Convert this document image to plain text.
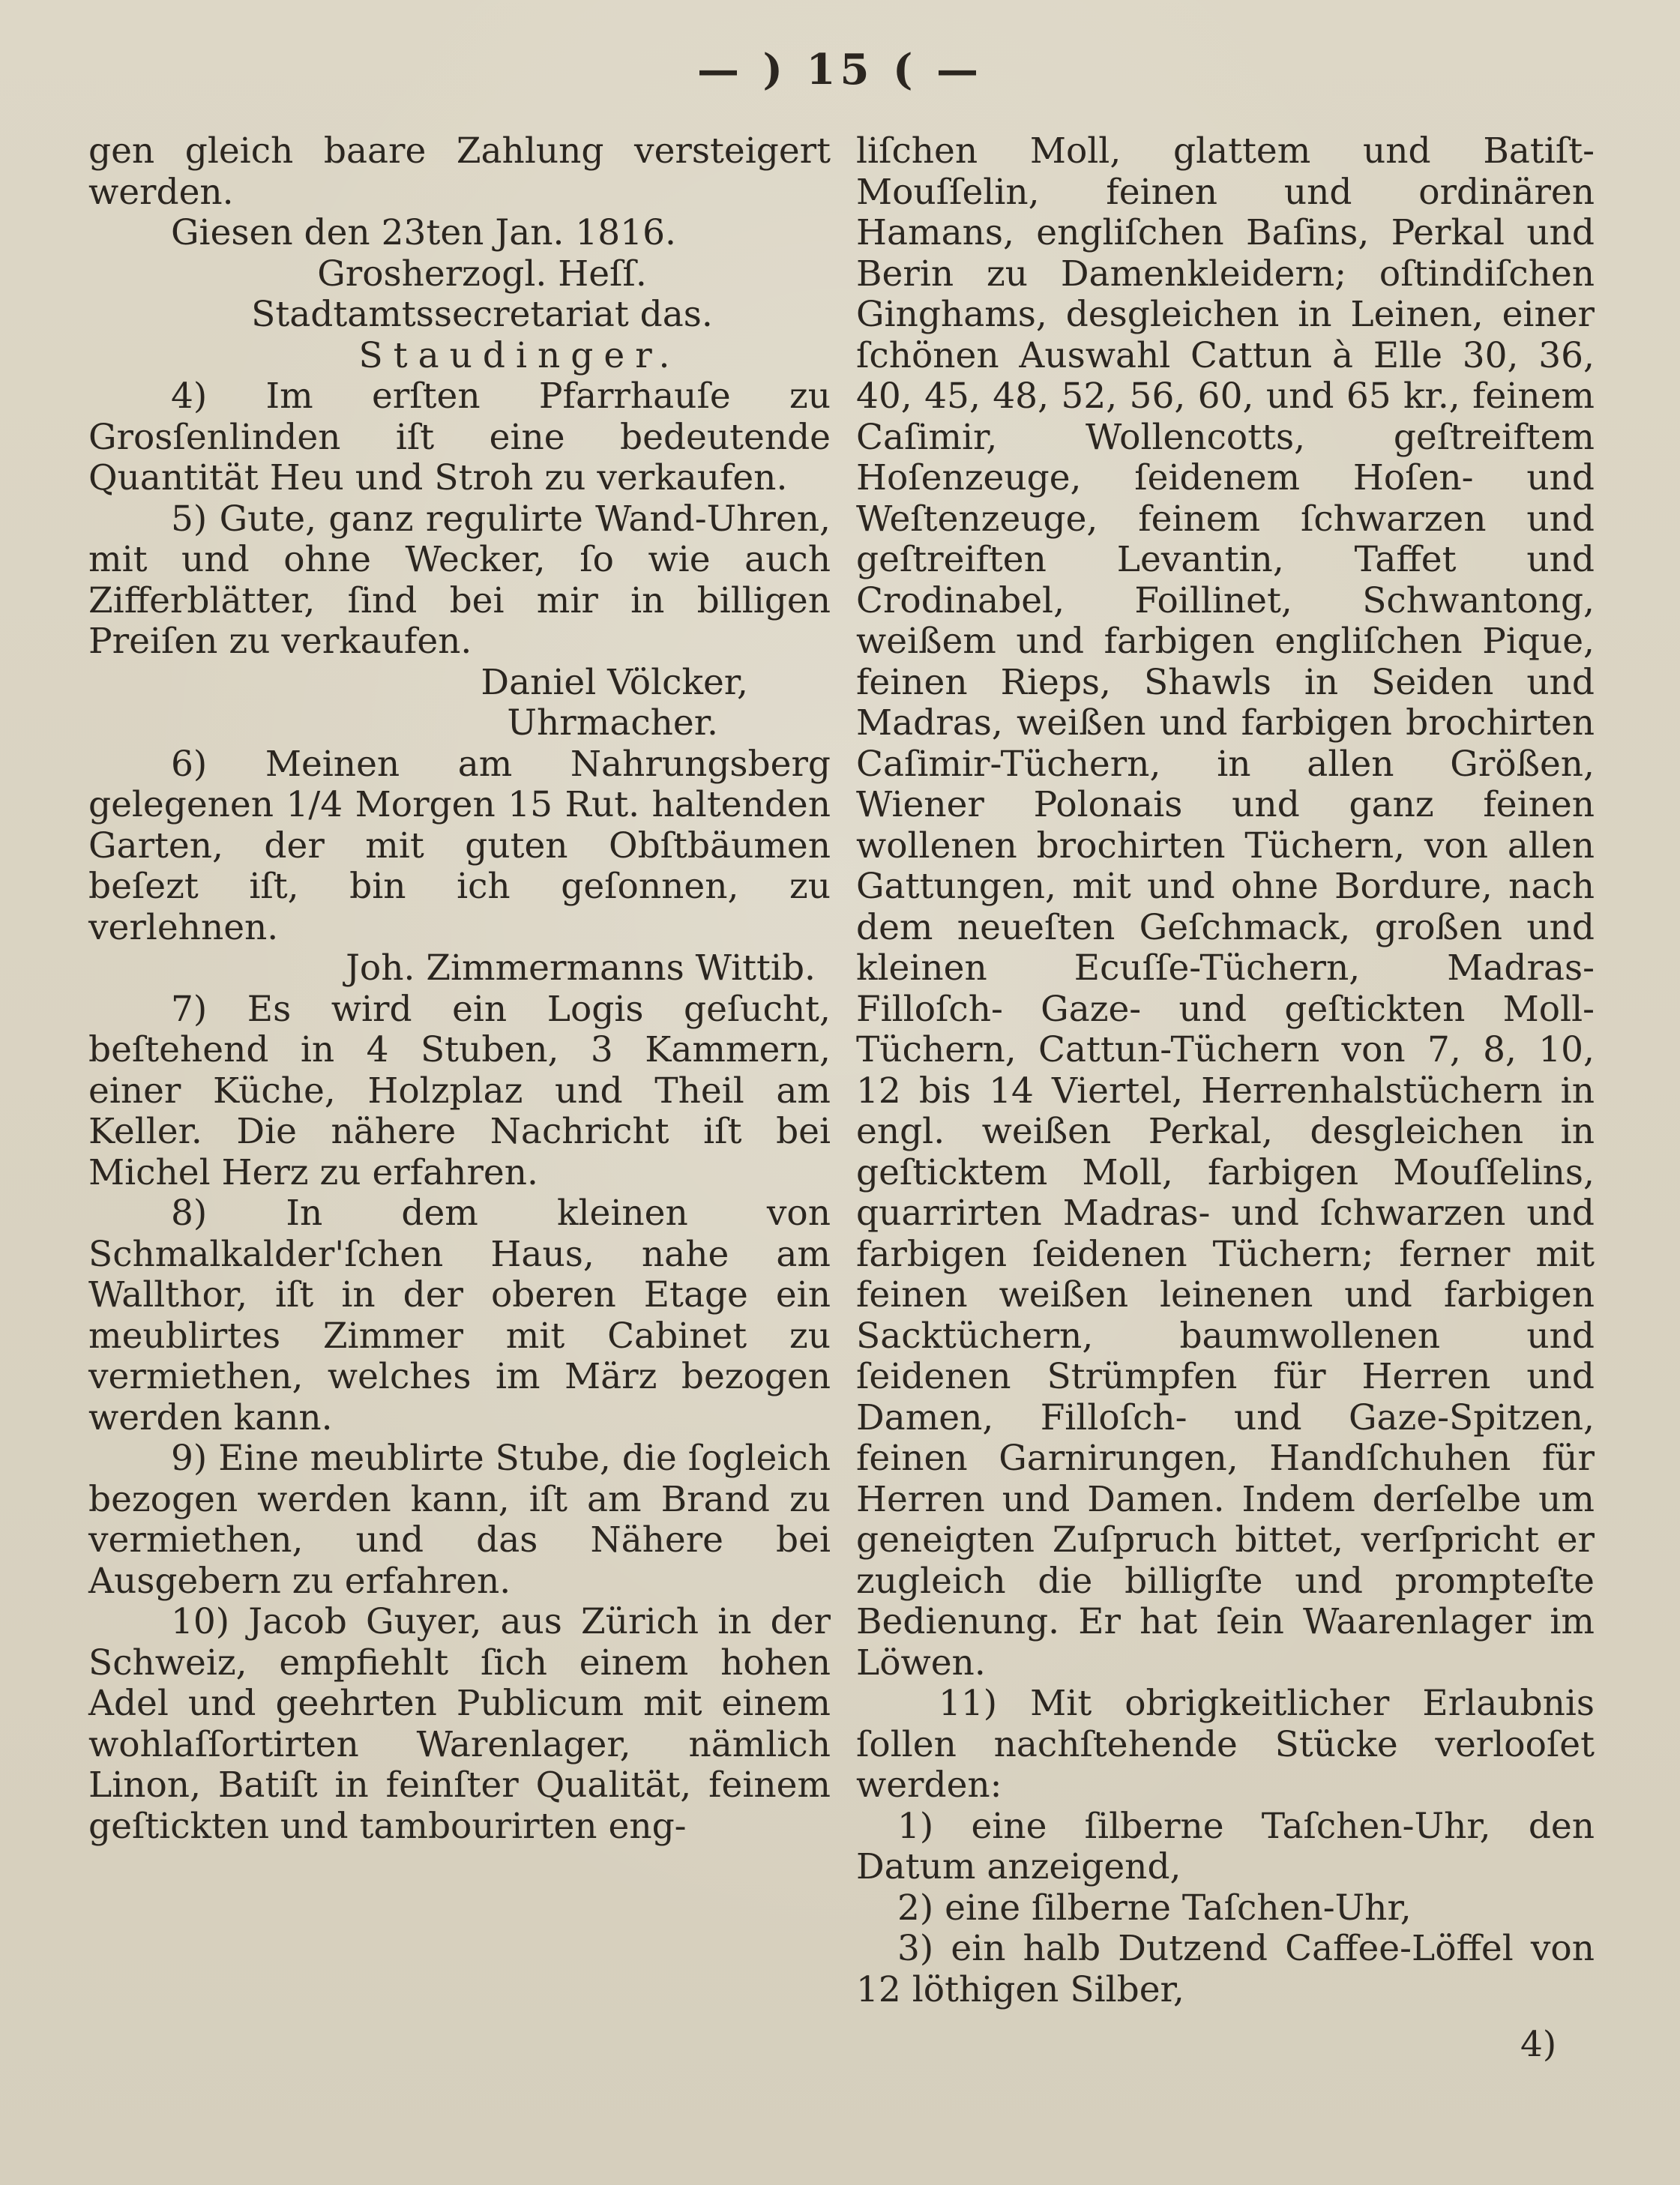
— ) 15 ( —

gen gleich baare Zahlung versteigert werden.

Giesen den 23ten Jan. 1816.

Grosherzogl. Heſſ. Stadtamtssecretariat das.

Staudinger.

4) Im erſten Pfarrhauſe zu Grosſenlinden iſt eine bedeutende Quantität Heu und Stroh zu verkaufen.

5) Gute, ganz regulirte Wand-Uhren, mit und ohne Wecker, ſo wie auch Zifferblätter, ſind bei mir in billigen Preiſen zu verkaufen.

Daniel Völcker,

Uhrmacher.

6) Meinen am Nahrungsberg gelegenen 1/4 Morgen 15 Rut. haltenden Garten, der mit guten Obſtbäumen beſezt iſt, bin ich geſonnen, zu verlehnen.

Joh. Zimmermanns Wittib.

7) Es wird ein Logis geſucht, beſtehend in 4 Stuben, 3 Kammern, einer Küche, Holzplaz und Theil am Keller. Die nähere Nachricht iſt bei Michel Herz zu erfahren.

8) In dem kleinen von Schmalkalder'ſchen Haus, nahe am Wallthor, iſt in der oberen Etage ein meublirtes Zimmer mit Cabinet zu vermiethen, welches im März bezogen werden kann.

9) Eine meublirte Stube, die ſogleich bezogen werden kann, iſt am Brand zu vermiethen, und das Nähere bei Ausgebern zu erfahren.

10) Jacob Guyer, aus Zürich in der Schweiz, empfiehlt ſich einem hohen Adel und geehrten Publicum mit einem wohlaſſortirten Warenlager, nämlich Linon, Batiſt in feinſter Qualität, feinem geſtickten und tambourirten eng-

liſchen Moll, glattem und Batiſt-Mouſſelin, feinen und ordinären Hamans, engliſchen Baſins, Perkal und Berin zu Damenkleidern; oſtindiſchen Ginghams, desgleichen in Leinen, einer ſchönen Auswahl Cattun à Elle 30, 36, 40, 45, 48, 52, 56, 60, und 65 kr., feinem Caſimir, Wollencotts, geſtreiftem Hoſenzeuge, ſeidenem Hoſen- und Weſtenzeuge, feinem ſchwarzen und geſtreiften Levantin, Taffet und Crodinabel, Foillinet, Schwantong, weißem und farbigen engliſchen Pique, feinen Rieps, Shawls in Seiden und Madras, weißen und farbigen brochirten Caſimir-Tüchern, in allen Größen, Wiener Polonais und ganz feinen wollenen brochirten Tüchern, von allen Gattungen, mit und ohne Bordure, nach dem neueſten Geſchmack, großen und kleinen Ecuſſe-Tüchern, Madras- Filloſch- Gaze- und geſtickten Moll-Tüchern, Cattun-Tüchern von 7, 8, 10, 12 bis 14 Viertel, Herrenhalstüchern in engl. weißen Perkal, desgleichen in geſticktem Moll, farbigen Mouſſelins, quarrirten Madras- und ſchwarzen und farbigen ſeidenen Tüchern; ferner mit feinen weißen leinenen und farbigen Sacktüchern, baumwollenen und ſeidenen Strümpfen für Herren und Damen, Filloſch- und Gaze-Spitzen, feinen Garnirungen, Handſchuhen für Herren und Damen. Indem derſelbe um geneigten Zuſpruch bittet, verſpricht er zugleich die billigſte und prompteſte Bedienung. Er hat ſein Waarenlager im Löwen.

11) Mit obrigkeitlicher Erlaubnis ſollen nachſtehende Stücke verlooſet werden:

1) eine ſilberne Taſchen-Uhr, den Datum anzeigend,

2) eine ſilberne Taſchen-Uhr,

3) ein halb Dutzend Caffee-Löffel von 12 löthigen Silber,

4)
